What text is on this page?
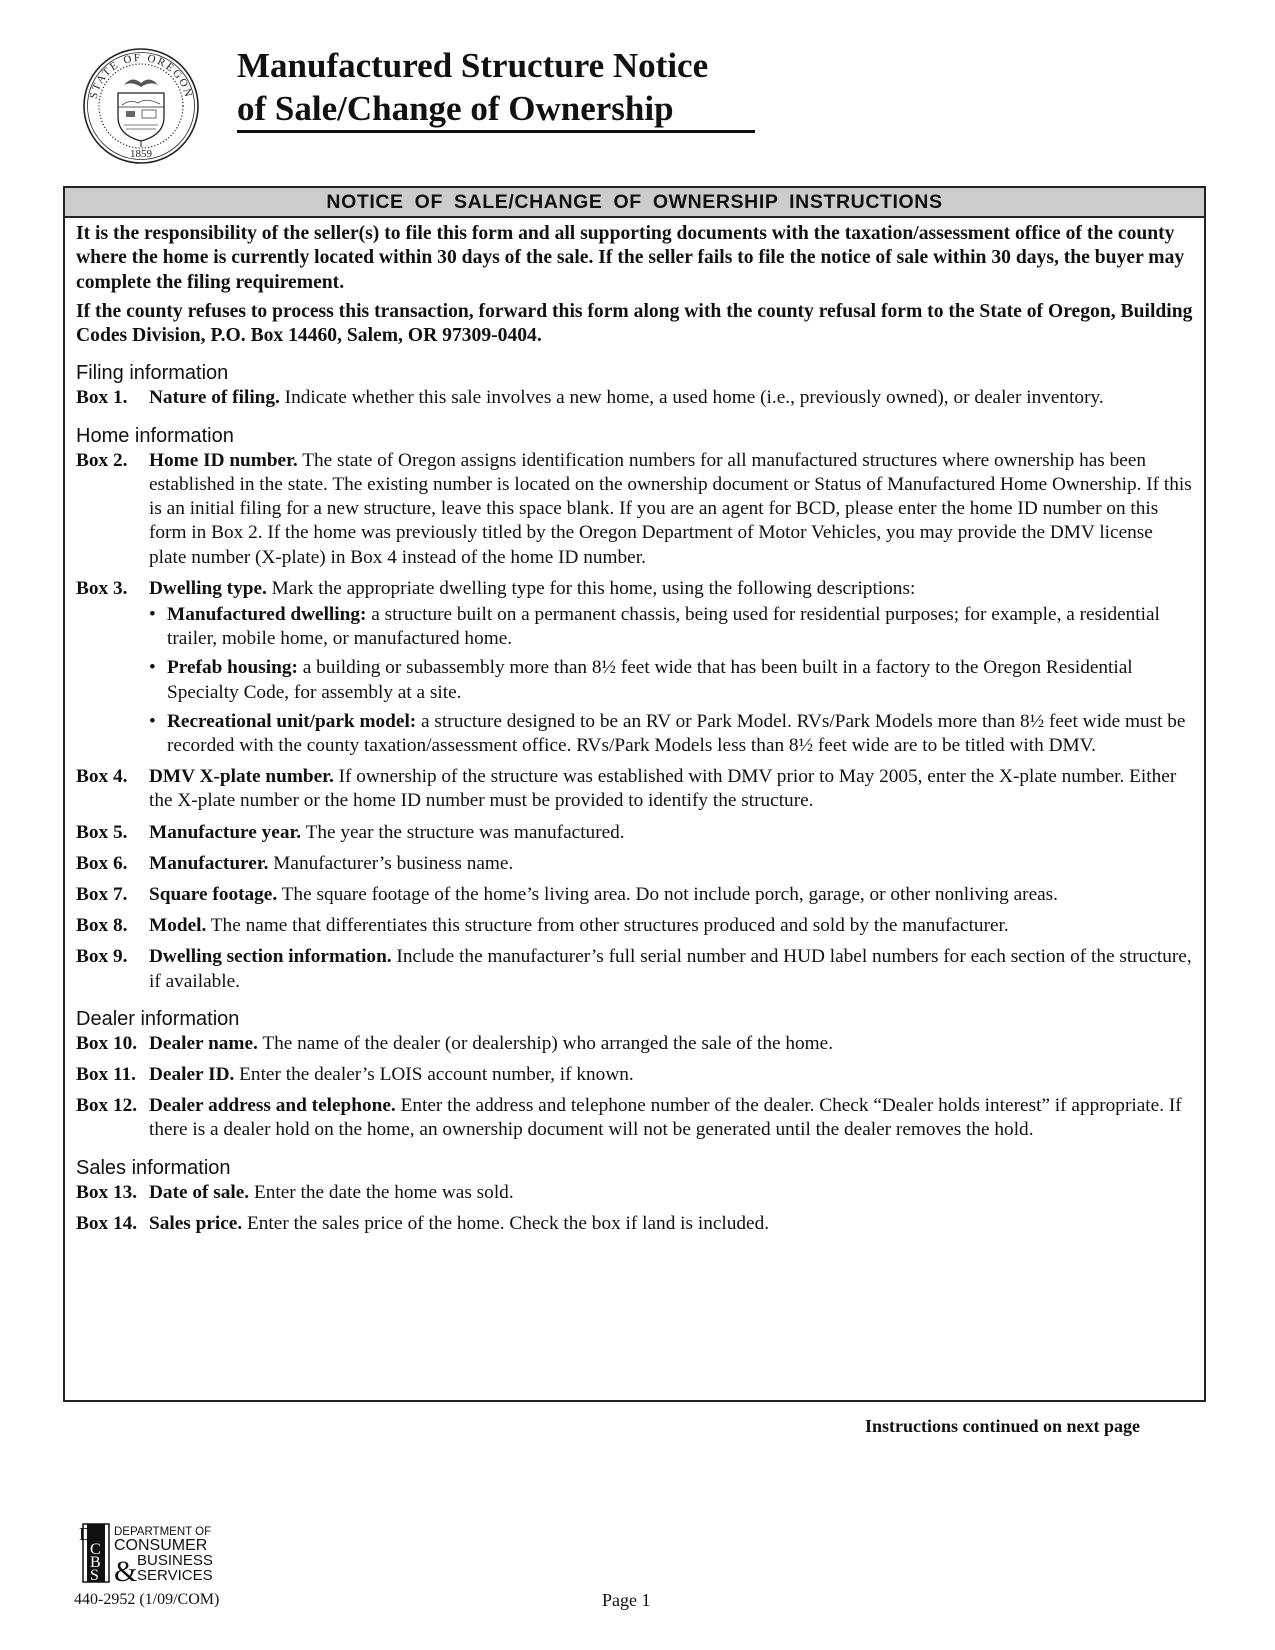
STATE OF OREGON
1859
Manufactured Structure Notice
of Sale/Change of Ownership
NOTICE OF SALE/CHANGE OF OWNERSHIP INSTRUCTIONS

It is the responsibility of the seller(s) to file this form and all supporting documents with the taxation/assessment office of the county where the home is currently located within 30 days of the sale. If the seller fails to file the notice of sale within 30 days, the buyer may complete the filing requirement.

If the county refuses to process this transaction, forward this form along with the county refusal form to the State of Oregon, Building Codes Division, P.O. Box 14460, Salem, OR 97309-0404.

Filing information
Box 1.	Nature of filing. Indicate whether this sale involves a new home, a used home (i.e., previously owned), or dealer inventory.
Home information
Box 2.	Home ID number. The state of Oregon assigns identification numbers for all manufactured structures where ownership has been established in the state. The existing number is located on the ownership document or Status of Manufactured Home Ownership. If this is an initial filing for a new structure, leave this space blank. If you are an agent for BCD, please enter the home ID number on this form in Box 2. If the home was previously titled by the Oregon Department of Motor Vehicles, you may provide the DMV license plate number (X-plate) in Box 4 instead of the home ID number.
Box 3.	Dwelling type. Mark the appropriate dwelling type for this home, using the following descriptions:
• Manufactured dwelling: a structure built on a permanent chassis, being used for residential purposes; for example, a residential trailer, mobile home, or manufactured home.
• Prefab housing: a building or subassembly more than 8½ feet wide that has been built in a factory to the Oregon Residential Specialty Code, for assembly at a site.
• Recreational unit/park model: a structure designed to be an RV or Park Model. RVs/Park Models more than 8½ feet wide must be recorded with the county taxation/assessment office. RVs/Park Models less than 8½ feet wide are to be titled with DMV.
Box 4.	DMV X-plate number. If ownership of the structure was established with DMV prior to May 2005, enter the X-plate number. Either the X-plate number or the home ID number must be provided to identify the structure.
Box 5.	Manufacture year. The year the structure was manufactured.
Box 6.	Manufacturer. Manufacturer’s business name.
Box 7.	Square footage. The square footage of the home’s living area. Do not include porch, garage, or other nonliving areas.
Box 8.	Model. The name that differentiates this structure from other structures produced and sold by the manufacturer.
Box 9.	Dwelling section information. Include the manufacturer’s full serial number and HUD label numbers for each section of the structure, if available.
Dealer information
Box 10. Dealer name. The name of the dealer (or dealership) who arranged the sale of the home.
Box 11. Dealer ID. Enter the dealer’s LOIS account number, if known.
Box 12. Dealer address and telephone. Enter the address and telephone number of the dealer. Check “Dealer holds interest” if appropriate. If there is a dealer hold on the home, an ownership document will not be generated until the dealer removes the hold.
Sales information
Box 13. Date of sale. Enter the date the home was sold.
Box 14. Sales price. Enter the sales price of the home. Check the box if land is included.
Instructions continued on next page
D
C
B
S
DEPARTMENT OF
CONSUMER
& BUSINESS
SERVICES
440-2952 (1/09/COM)	Page 1
